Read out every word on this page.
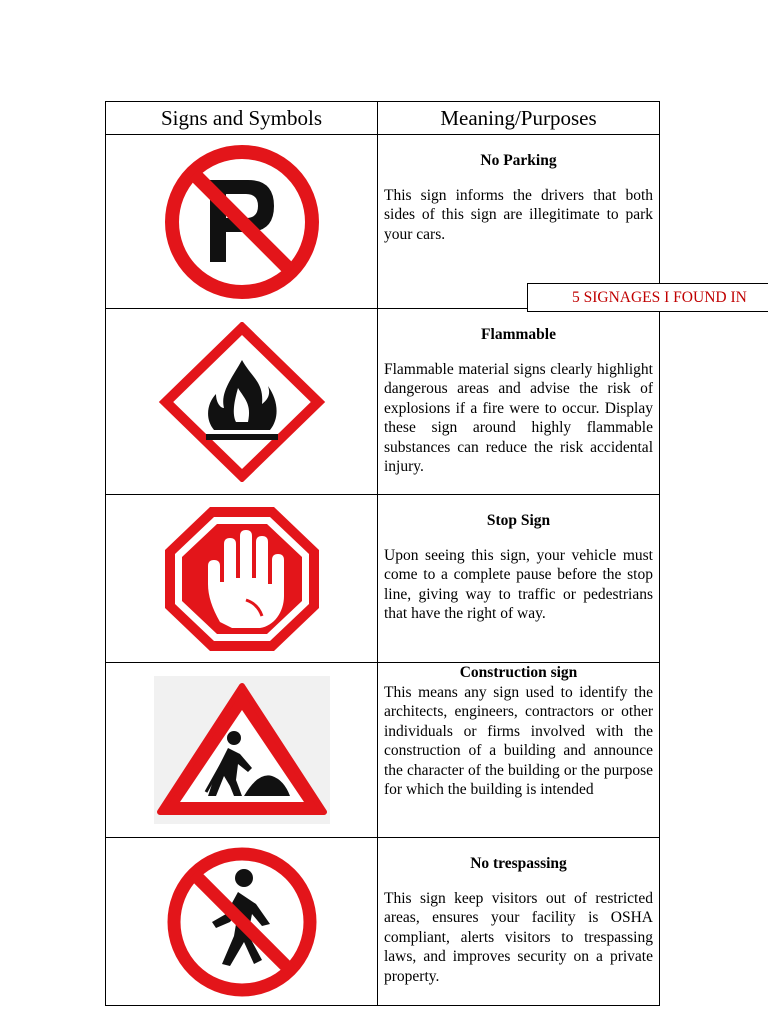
Signs and Symbols	Meaning/Purposes

No Parking
This sign informs the drivers that both sides of this sign are illegitimate to park your cars.

Flammable
Flammable material signs clearly highlight dangerous areas and advise the risk of explosions if a fire were to occur. Display these sign around highly flammable substances can reduce the risk accidental injury.

Stop Sign
Upon seeing this sign, your vehicle must come to a complete pause before the stop line, giving way to traffic or pedestrians that have the right of way.

Construction sign
This means any sign used to identify the architects, engineers, contractors or other individuals or firms involved with the construction of a building and announce the character of the building or the purpose for which the building is intended

No trespassing
This sign keep visitors out of restricted areas, ensures your facility is OSHA compliant, alerts visitors to trespassing laws, and improves security on a private property.
5 SIGNAGES I FOUND IN
